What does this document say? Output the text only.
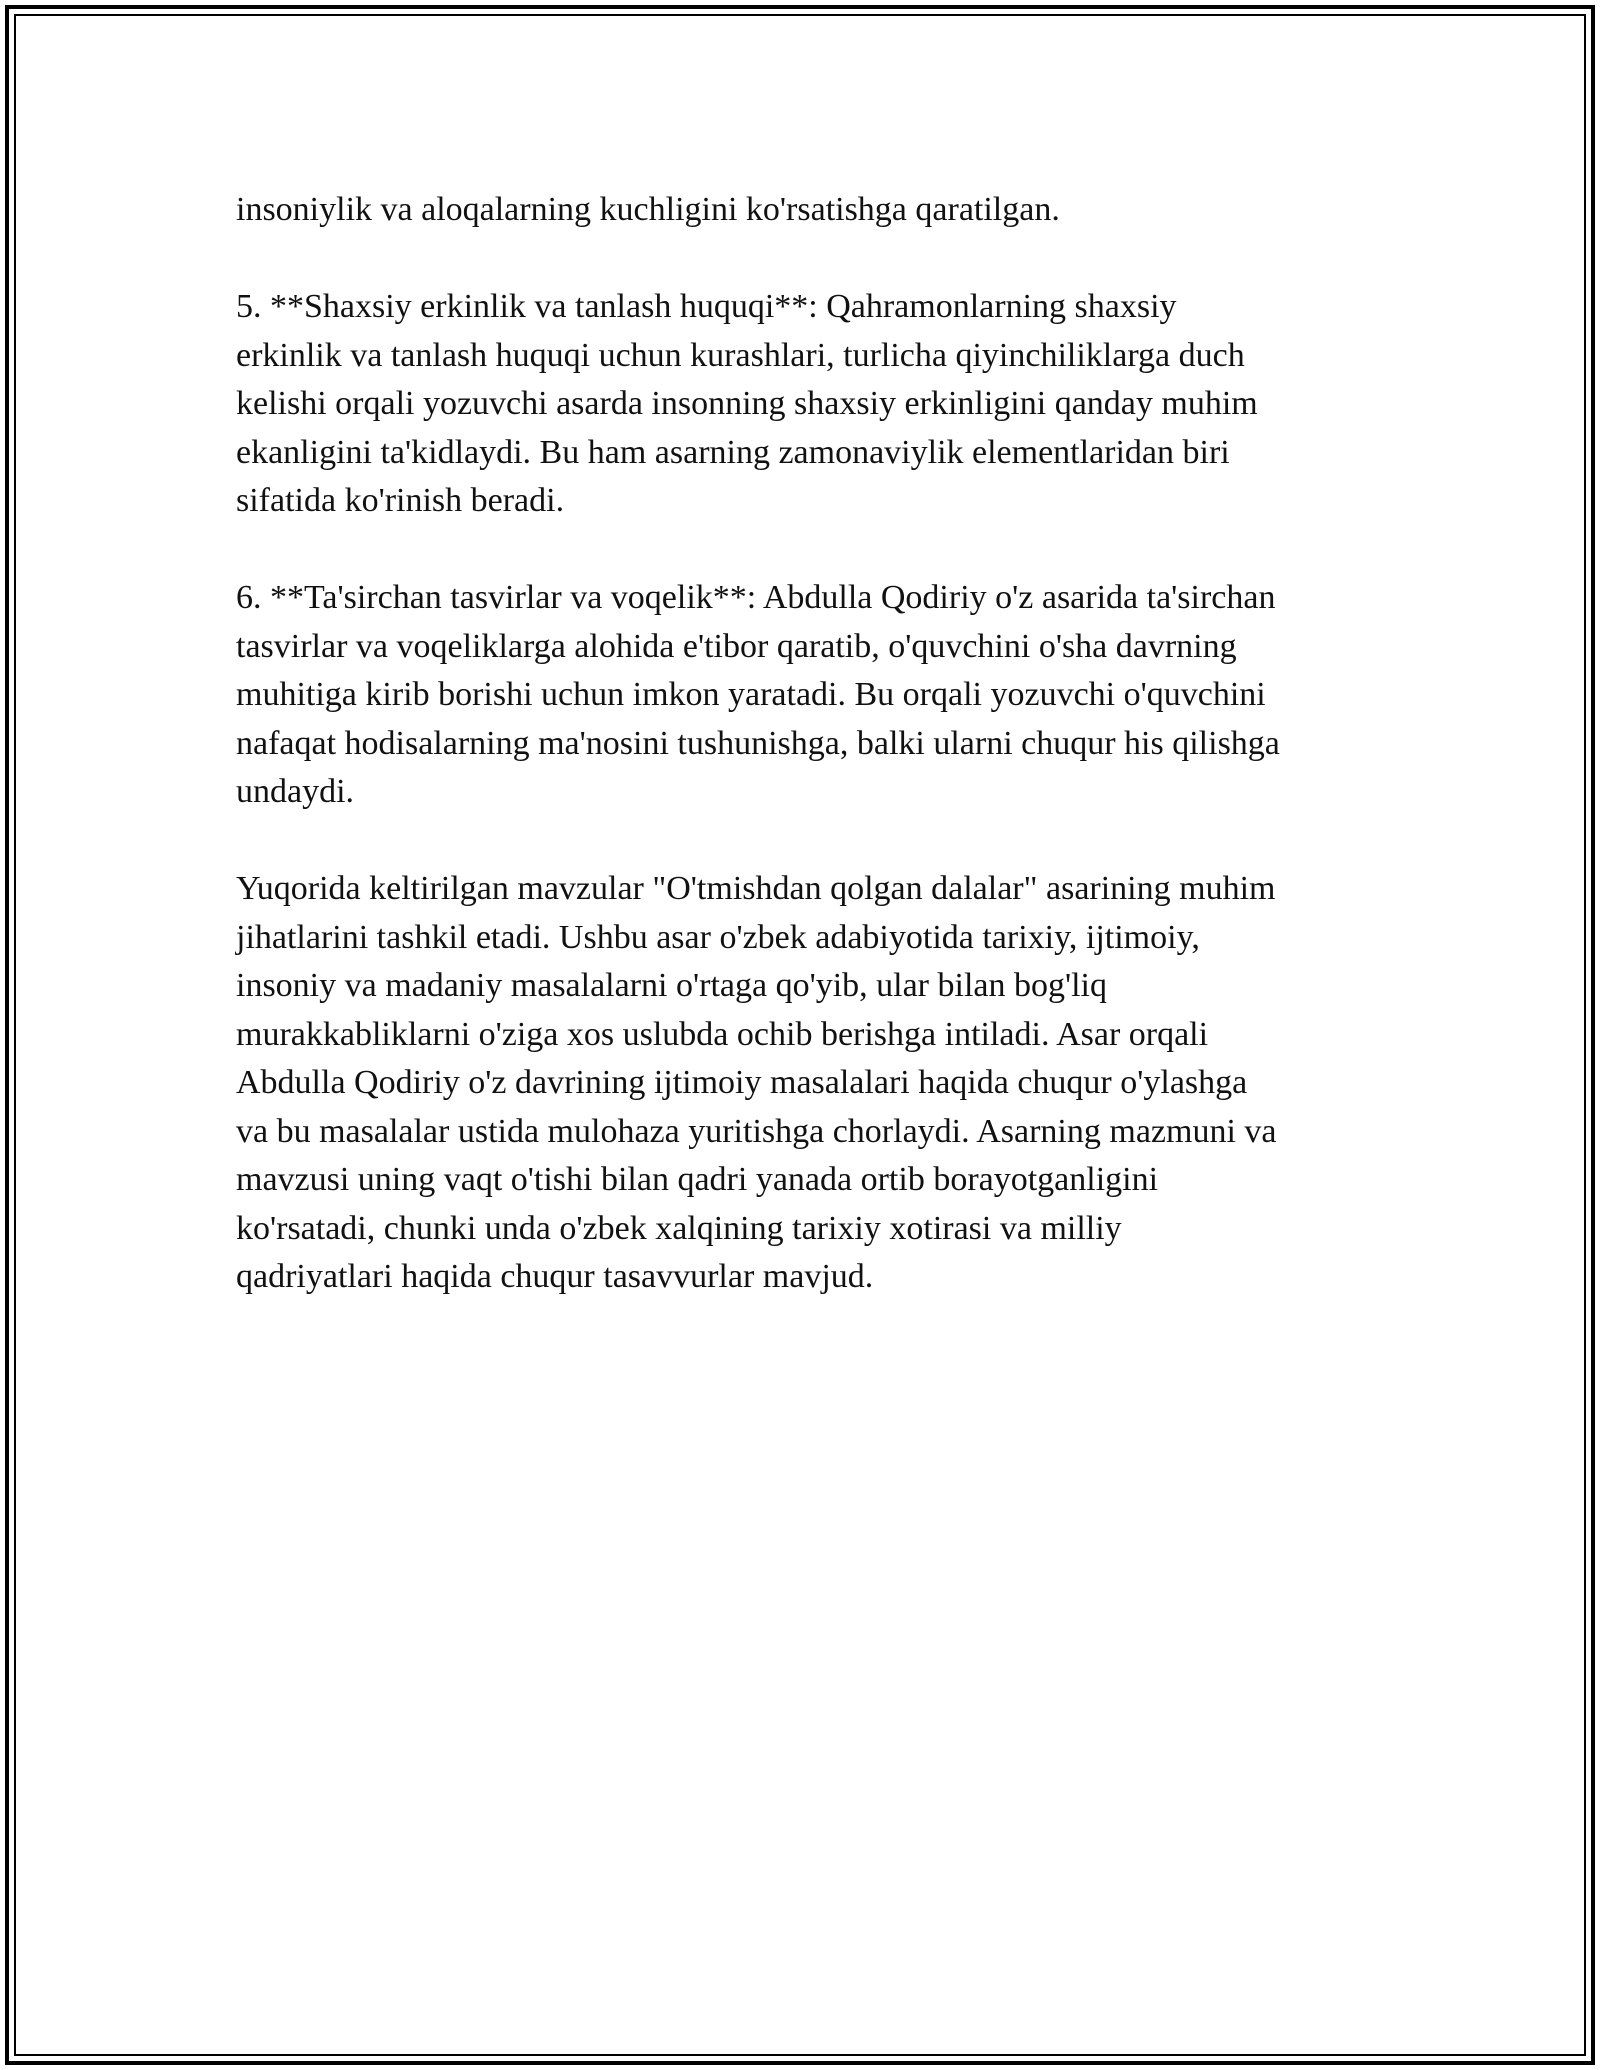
insoniylik va aloqalarning kuchligini ko'rsatishga qaratilgan.
5. **Shaxsiy erkinlik va tanlash huquqi**: Qahramonlarning shaxsiy
erkinlik va tanlash huquqi uchun kurashlari, turlicha qiyinchiliklarga duch
kelishi orqali yozuvchi asarda insonning shaxsiy erkinligini qanday muhim
ekanligini ta'kidlaydi. Bu ham asarning zamonaviylik elementlaridan biri
sifatida ko'rinish beradi.
6. **Ta'sirchan tasvirlar va voqelik**: Abdulla Qodiriy o'z asarida ta'sirchan
tasvirlar va voqeliklarga alohida e'tibor qaratib, o'quvchini o'sha davrning
muhitiga kirib borishi uchun imkon yaratadi. Bu orqali yozuvchi o'quvchini
nafaqat hodisalarning ma'nosini tushunishga, balki ularni chuqur his qilishga
undaydi.
Yuqorida keltirilgan mavzular "O'tmishdan qolgan dalalar" asarining muhim
jihatlarini tashkil etadi. Ushbu asar o'zbek adabiyotida tarixiy, ijtimoiy,
insoniy va madaniy masalalarni o'rtaga qo'yib, ular bilan bog'liq
murakkabliklarni o'ziga xos uslubda ochib berishga intiladi. Asar orqali
Abdulla Qodiriy o'z davrining ijtimoiy masalalari haqida chuqur o'ylashga
va bu masalalar ustida mulohaza yuritishga chorlaydi. Asarning mazmuni va
mavzusi uning vaqt o'tishi bilan qadri yanada ortib borayotganligini
ko'rsatadi, chunki unda o'zbek xalqining tarixiy xotirasi va milliy
qadriyatlari haqida chuqur tasavvurlar mavjud.
